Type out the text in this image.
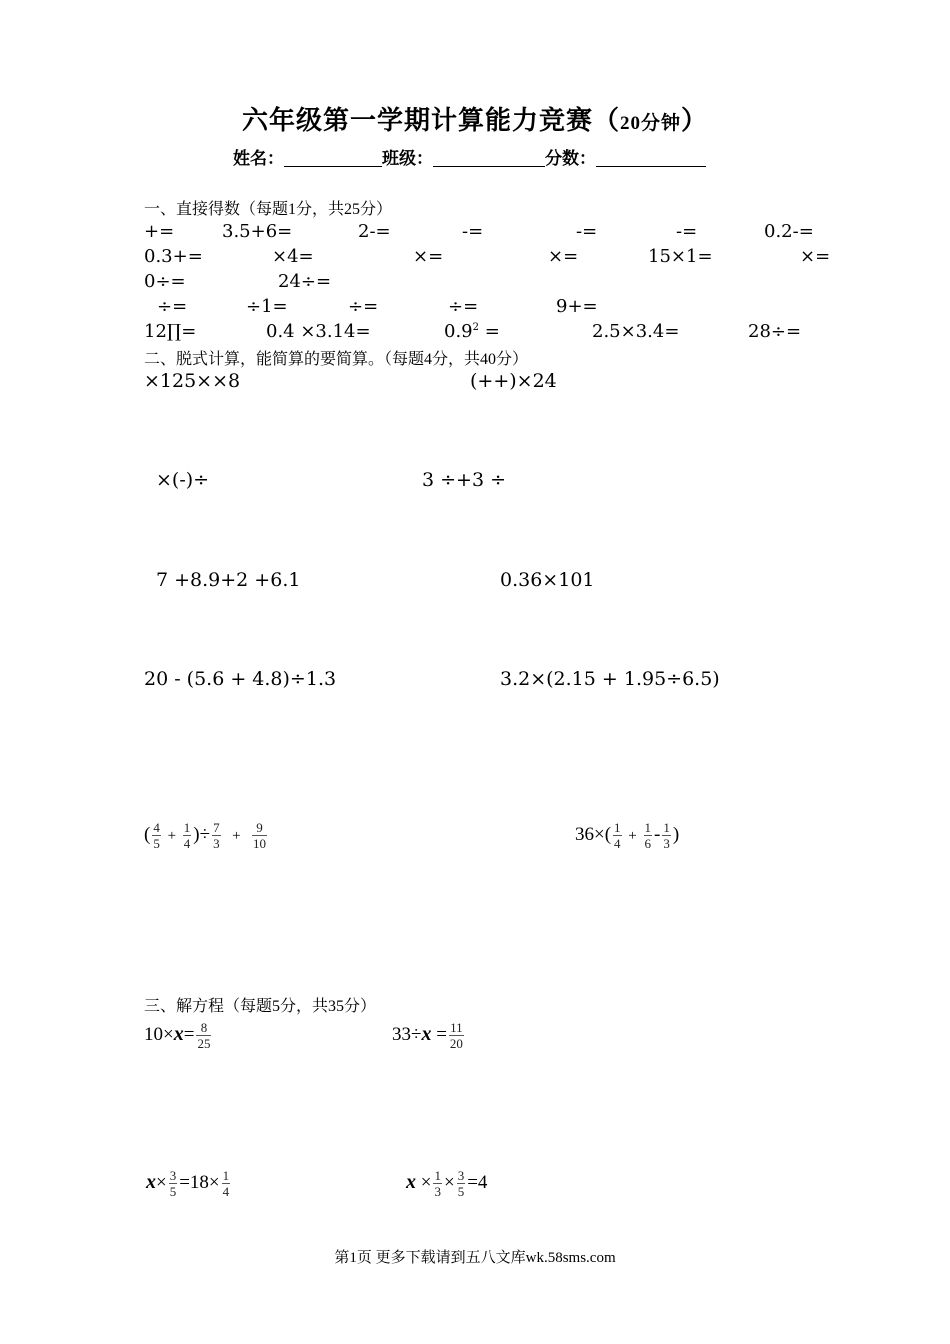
六年级第一学期计算能力竞赛（20分钟）
姓名：	班级：	分数：
一、直接得数（每题1分，共25分）
+=	3.5+6=	2-=	-=	-=	-=	0.2-=
0.3+=	×4=	×=	×=	15×1=	×=
0÷=	24÷=
÷=	÷1=	÷=	÷=	9+=
12∏=	0.4 ×3.14=	$0.9^2$ =	2.5×3.4=	28÷=
二、脱式计算，能简算的要简算。（每题4分，共40分）
×125××8	(++)×24
×(-)÷	3 ÷+3 ÷
7 +8.9+2 +6.1	0.36×101
20 - (5.6 + 4.8)÷1.3	3.2×(2.15 + 1.95÷6.5)
( $\frac{4}{5} + \frac{1}{4}$ )÷ $\frac{7}{3} + \frac{9}{10}$	$36\times( \frac{1}{4} + \frac{1}{6} - \frac{1}{3}$ )
三、解方程（每题5分，共35分）
$10\times x= \frac{8}{25}$	$33\div x = \frac{11}{20}$
$x\times \frac{3}{5} =18\times \frac{1}{4}$	$x \times \frac{1}{3} \times \frac{3}{5} =4$
第1页 更多下载请到五八文库wk.58sms.com
